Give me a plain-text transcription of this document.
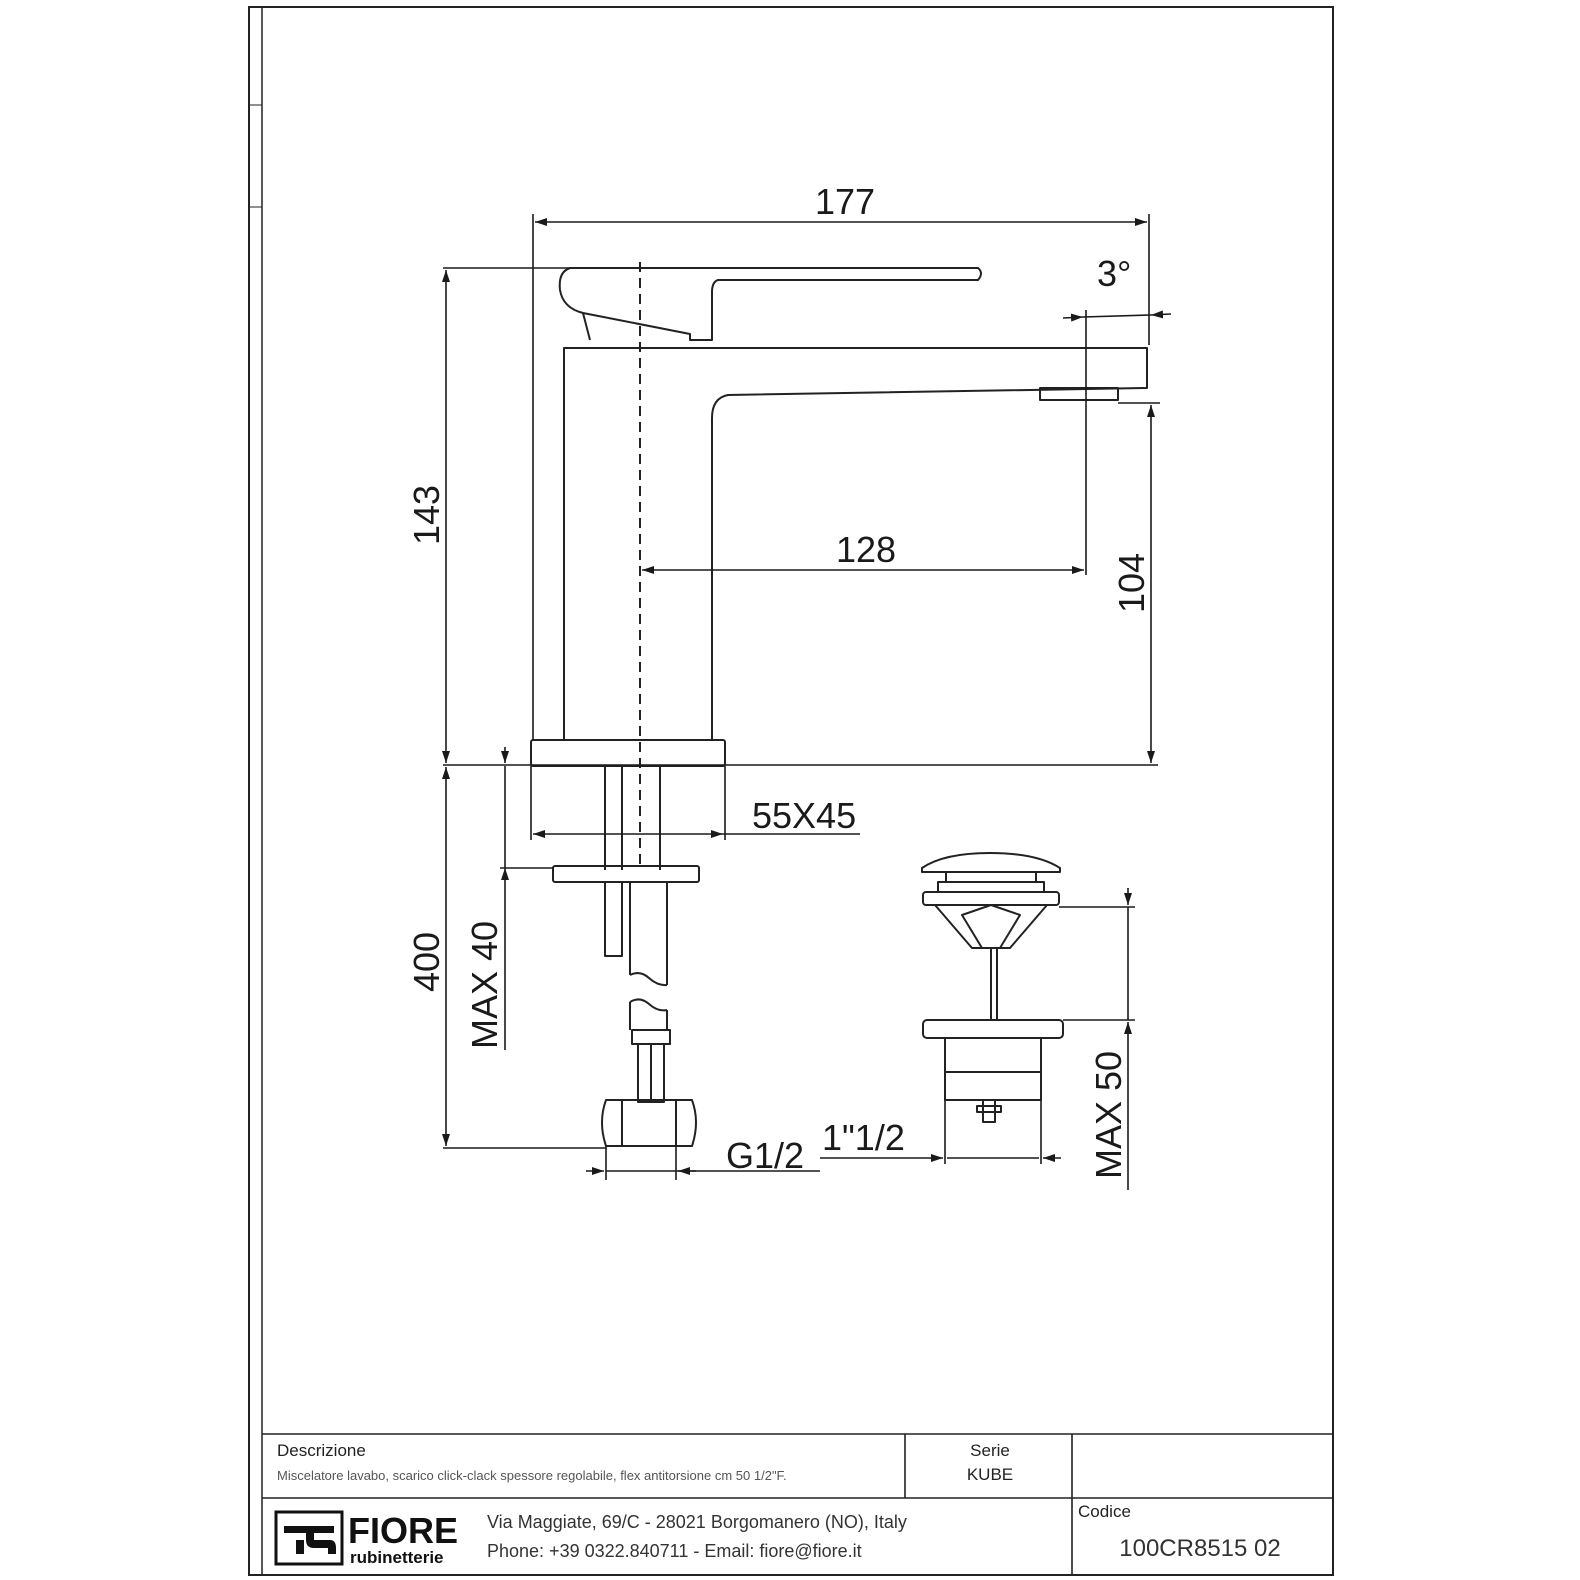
177
3°
143
128
104
55X45
MAX 40
400
G1/2 1"1/2	MAX 50
Descrizione
Miscelatore lavabo, scarico click-clack spessore regolabile, flex antitorsione cm 50 1/2"F.
Serie
KUBE
Codice
100CR8515 02
Via Maggiate, 69/C - 28021 Borgomanero (NO), Italy
Phone: +39 0322.840711 - Email: fiore@fiore.it
FIORE
rubinetterie
